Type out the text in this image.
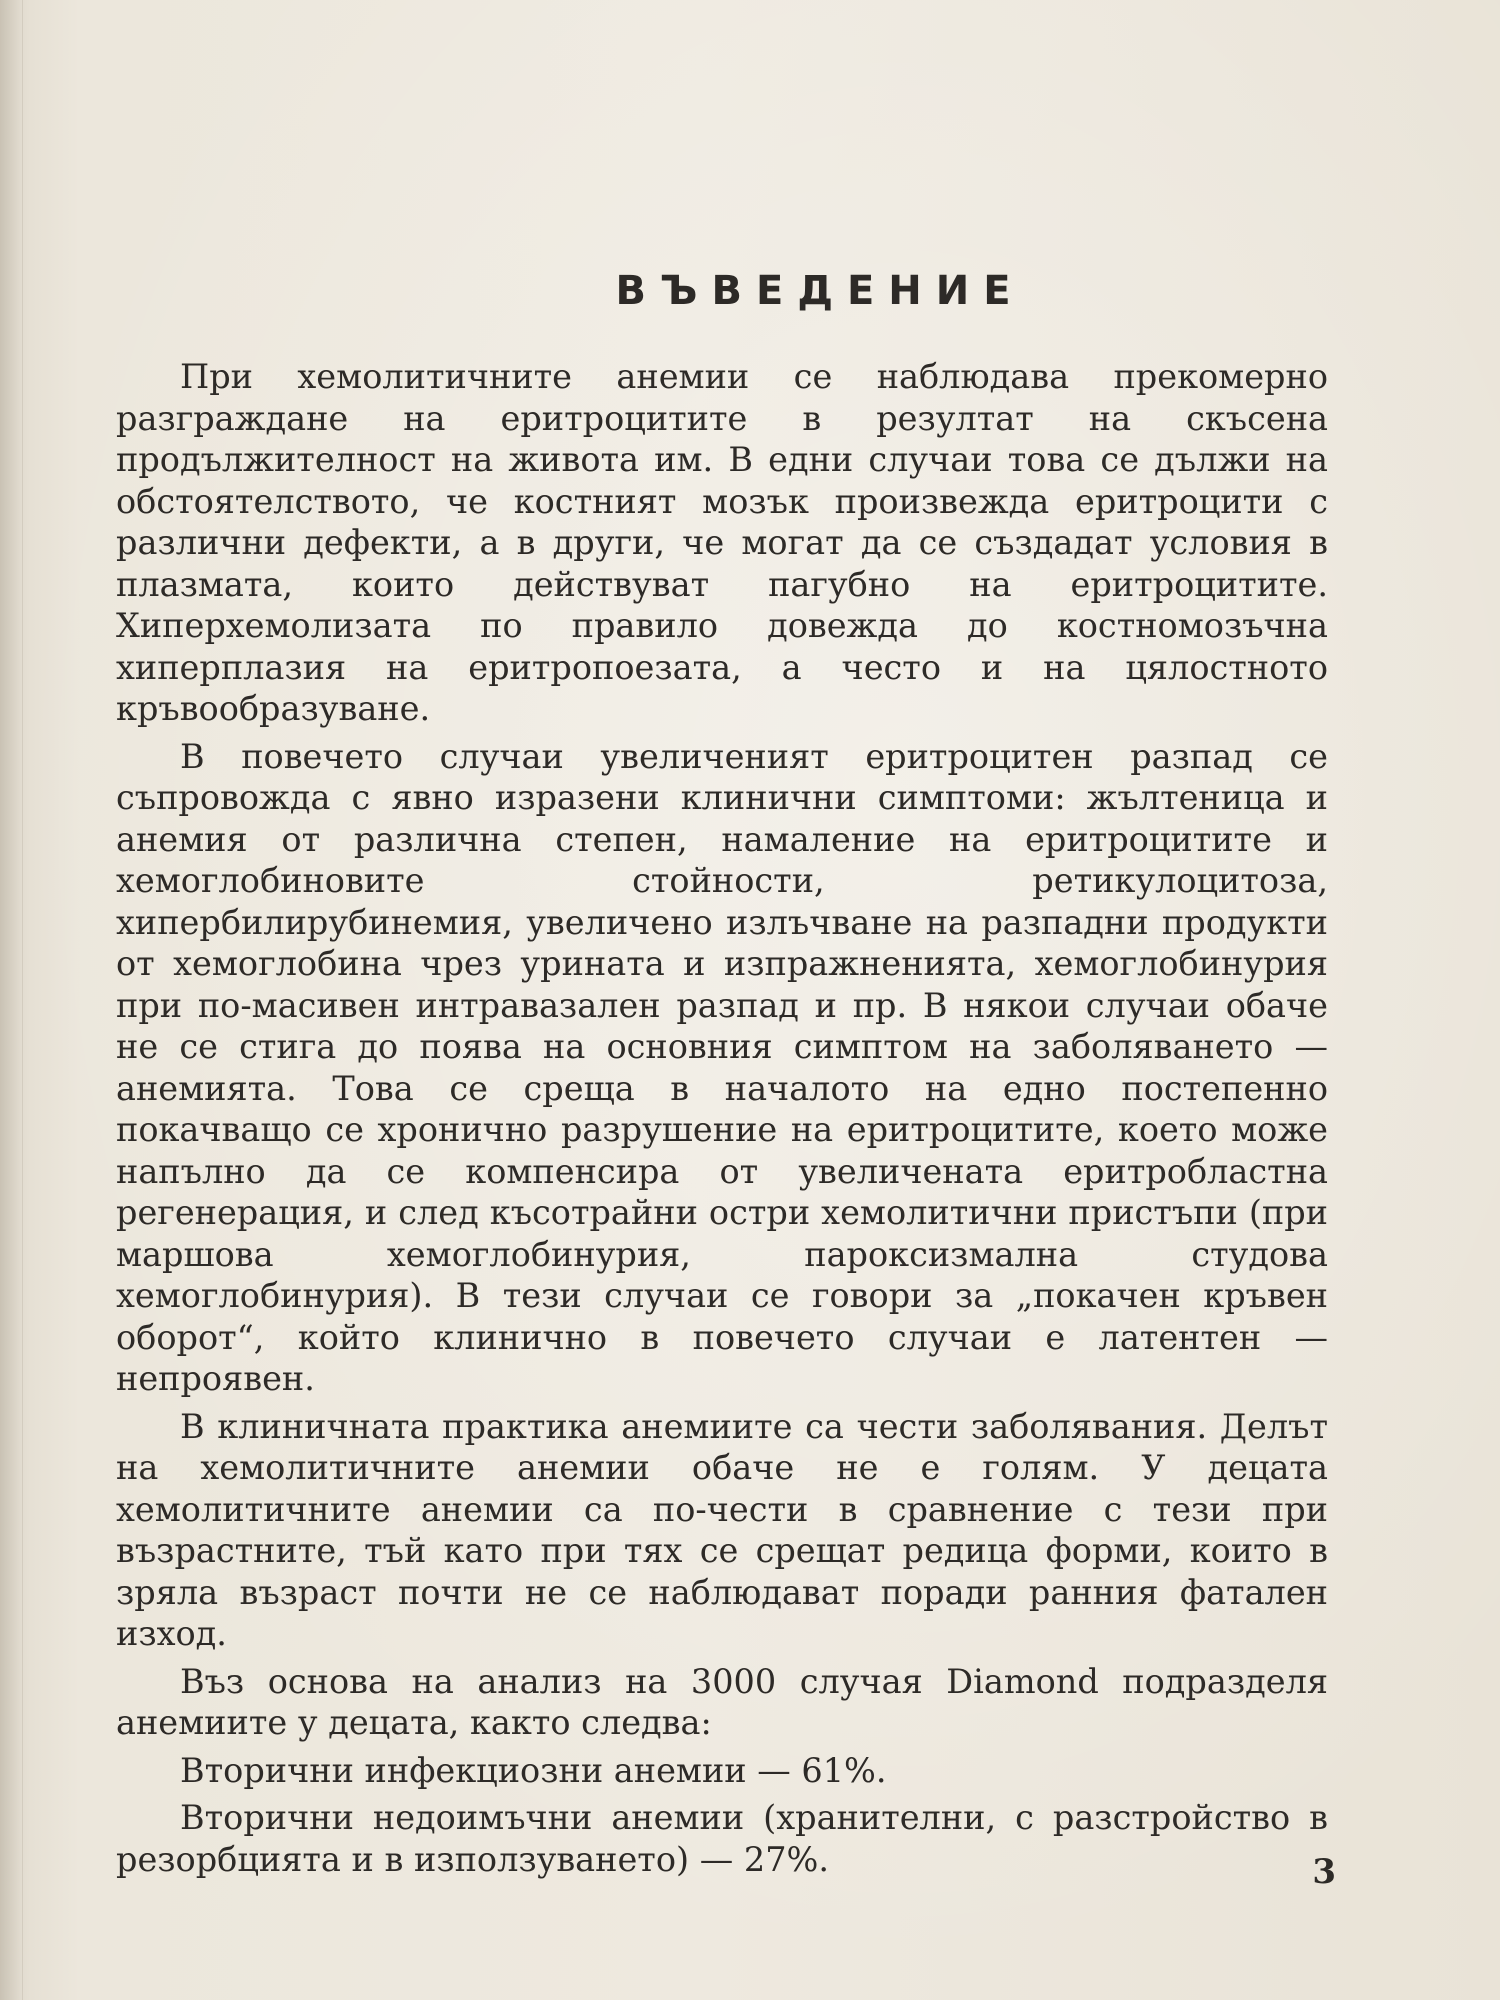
ВЪВЕДЕНИЕ

При хемолитичните анемии се наблюдава прекомерно разграждане на еритроцитите в резултат на скъсена продължителност на живота им. В едни случаи това се дължи на обстоятелството, че костният мозък произвежда еритроцити с различни дефекти, а в други, че могат да се създадат условия в плазмата, които действуват пагубно на еритроцитите. Хиперхемолизата по правило довежда до костномозъчна хиперплазия на еритропоезата, а често и на цялостното кръвообразуване.

В повечето случаи увеличеният еритроцитен разпад се съпровожда с явно изразени клинични симптоми: жълтеница и анемия от различна степен, намаление на еритроцитите и хемоглобиновите стойности, ретикулоцитоза, хипербилирубинемия, увеличено излъчване на разпадни продукти от хемоглобина чрез урината и изпражненията, хемоглобинурия при по-масивен интравазален разпад и пр. В някои случаи обаче не се стига до поява на основния симптом на заболяването — анемията. Това се среща в началото на едно постепенно покачващо се хронично разрушение на еритроцитите, което може напълно да се компенсира от увеличената еритробластна регенерация, и след късотрайни остри хемолитични пристъпи (при маршова хемоглобинурия, пароксизмална студова хемоглобинурия). В тези случаи се говори за „покачен кръвен оборот“, който клинично в повечето случаи е латентен — непроявен.

В клиничната практика анемиите са чести заболявания. Делът на хемолитичните анемии обаче не е голям. У децата хемолитичните анемии са по-чести в сравнение с тези при възрастните, тъй като при тях се срещат редица форми, които в зряла възраст почти не се наблюдават поради ранния фатален изход.

Въз основа на анализ на 3000 случая Diamond подразделя анемиите у децата, както следва:

Вторични инфекциозни анемии — 61%.

Вторични недоимъчни анемии (хранителни, с разстройство в резорбцията и в използуването) — 27%.	3
